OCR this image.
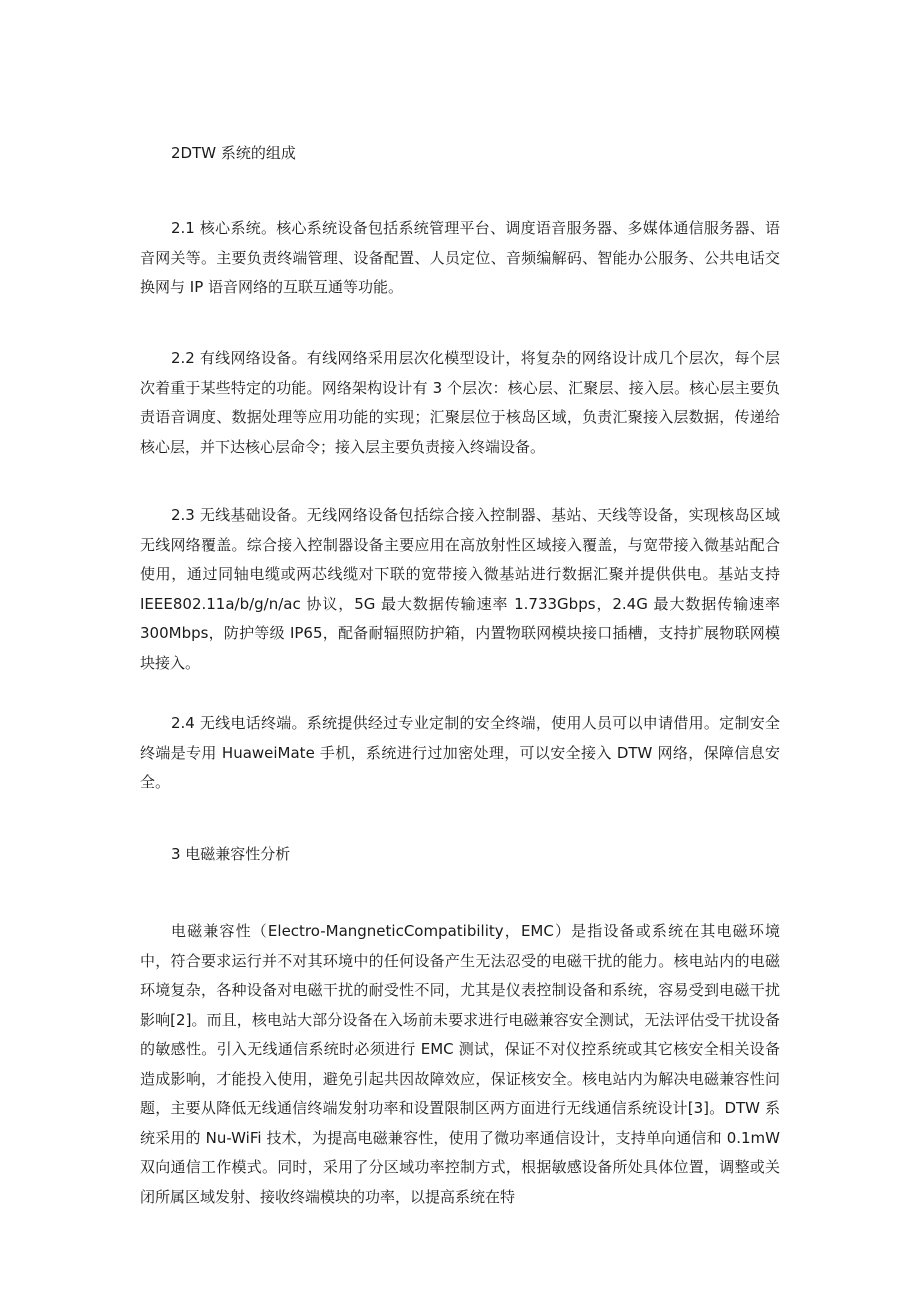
2DTW 系统的组成

2.1 核心系统。核心系统设备包括系统管理平台、调度语音服务器、多媒体通信服务器、语音网关等。主要负责终端管理、设备配置、人员定位、音频编解码、智能办公服务、公共电话交换网与 IP 语音网络的互联互通等功能。

2.2 有线网络设备。有线网络采用层次化模型设计，将复杂的网络设计成几个层次，每个层次着重于某些特定的功能。网络架构设计有 3 个层次：核心层、汇聚层、接入层。核心层主要负责语音调度、数据处理等应用功能的实现；汇聚层位于核岛区域，负责汇聚接入层数据，传递给核心层，并下达核心层命令；接入层主要负责接入终端设备。

2.3 无线基础设备。无线网络设备包括综合接入控制器、基站、天线等设备，实现核岛区域无线网络覆盖。综合接入控制器设备主要应用在高放射性区域接入覆盖，与宽带接入微基站配合使用，通过同轴电缆或两芯线缆对下联的宽带接入微基站进行数据汇聚并提供供电。基站支持 IEEE802.11a/b/g/n/ac 协议，5G 最大数据传输速率 1.733Gbps，2.4G 最大数据传输速率 300Mbps，防护等级 IP65，配备耐辐照防护箱，内置物联网模块接口插槽，支持扩展物联网模块接入。

2.4 无线电话终端。系统提供经过专业定制的安全终端，使用人员可以申请借用。定制安全终端是专用 HuaweiMate 手机，系统进行过加密处理，可以安全接入 DTW 网络，保障信息安全。

3 电磁兼容性分析

电磁兼容性（Electro-MangneticCompatibility，EMC）是指设备或系统在其电磁环境中，符合要求运行并不对其环境中的任何设备产生无法忍受的电磁干扰的能力。核电站内的电磁环境复杂，各种设备对电磁干扰的耐受性不同，尤其是仪表控制设备和系统，容易受到电磁干扰影响[2]。而且，核电站大部分设备在入场前未要求进行电磁兼容安全测试，无法评估受干扰设备的敏感性。引入无线通信系统时必须进行 EMC 测试，保证不对仪控系统或其它核安全相关设备造成影响，才能投入使用，避免引起共因故障效应，保证核安全。核电站内为解决电磁兼容性问题，主要从降低无线通信终端发射功率和设置限制区两方面进行无线通信系统设计[3]。DTW 系统采用的 Nu-WiFi 技术，为提高电磁兼容性，使用了微功率通信设计，支持单向通信和 0.1mW 双向通信工作模式。同时，采用了分区域功率控制方式，根据敏感设备所处具体位置，调整或关闭所属区域发射、接收终端模块的功率，以提高系统在特
